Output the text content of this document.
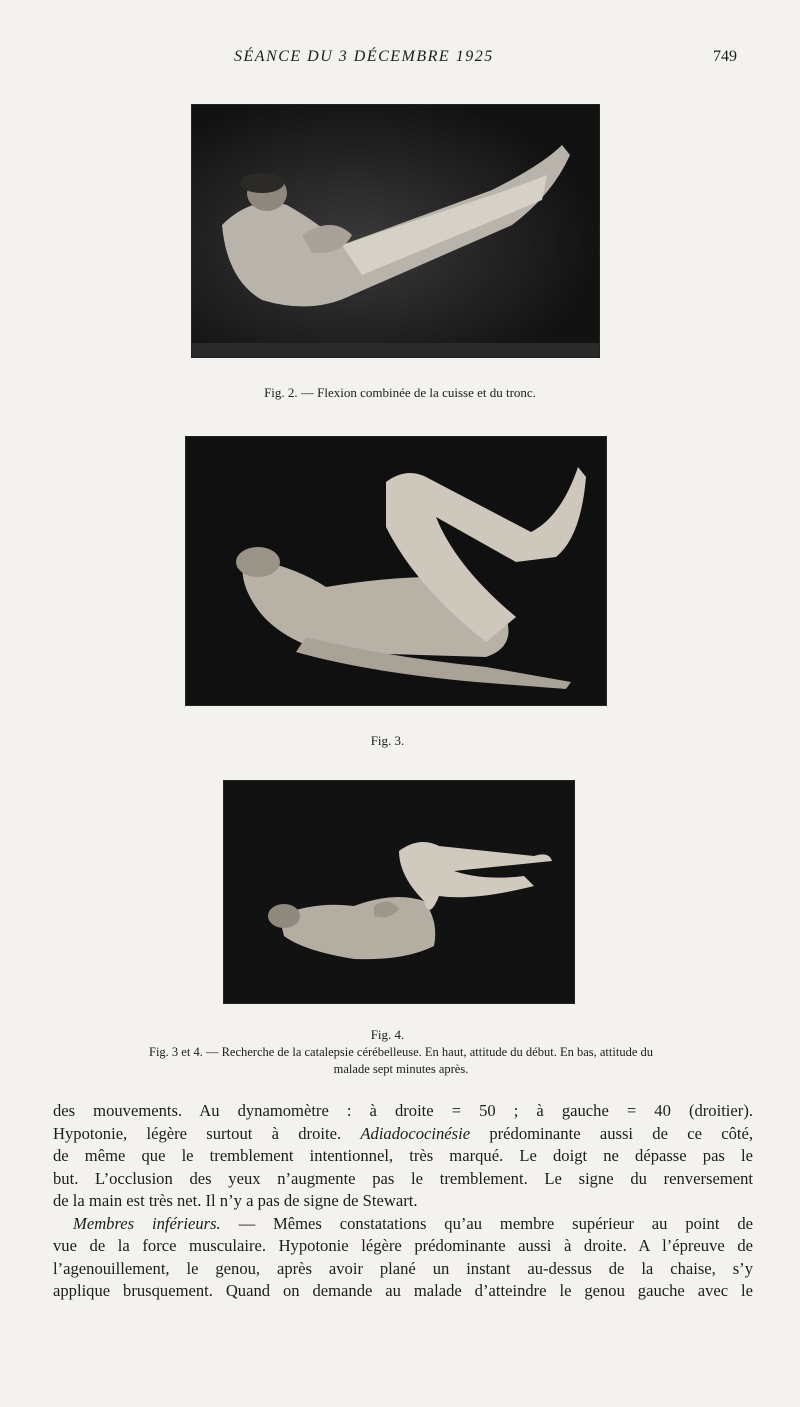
SÉANCE DU 3 DÉCEMBRE 1925	749
Fig. 2. — Flexion combinée de la cuisse et du tronc.
Fig. 3.
Fig. 4.
Fig. 3 et 4. — Recherche de la catalepsie cérébelleuse. En haut, attitude du début. En bas, attitude du
malade sept minutes après.

des mouvements. Au dynamomètre : à droite = 50 ; à gauche = 40 (droitier).

Hypotonie, légère surtout à droite. Adiadococinésie prédominante aussi de ce côté,

de même que le tremblement intentionnel, très marqué. Le doigt ne dépasse pas le

but. L’occlusion des yeux n’augmente pas le tremblement. Le signe du renversement

de la main est très net. Il n’y a pas de signe de Stewart.

Membres inférieurs. — Mêmes constatations qu’au membre supérieur au point de

vue de la force musculaire. Hypotonie légère prédominante aussi à droite. A l’épreuve de

l’agenouillement, le genou, après avoir plané un instant au-dessus de la chaise, s’y

applique brusquement. Quand on demande au malade d’atteindre le genou gauche avec le
